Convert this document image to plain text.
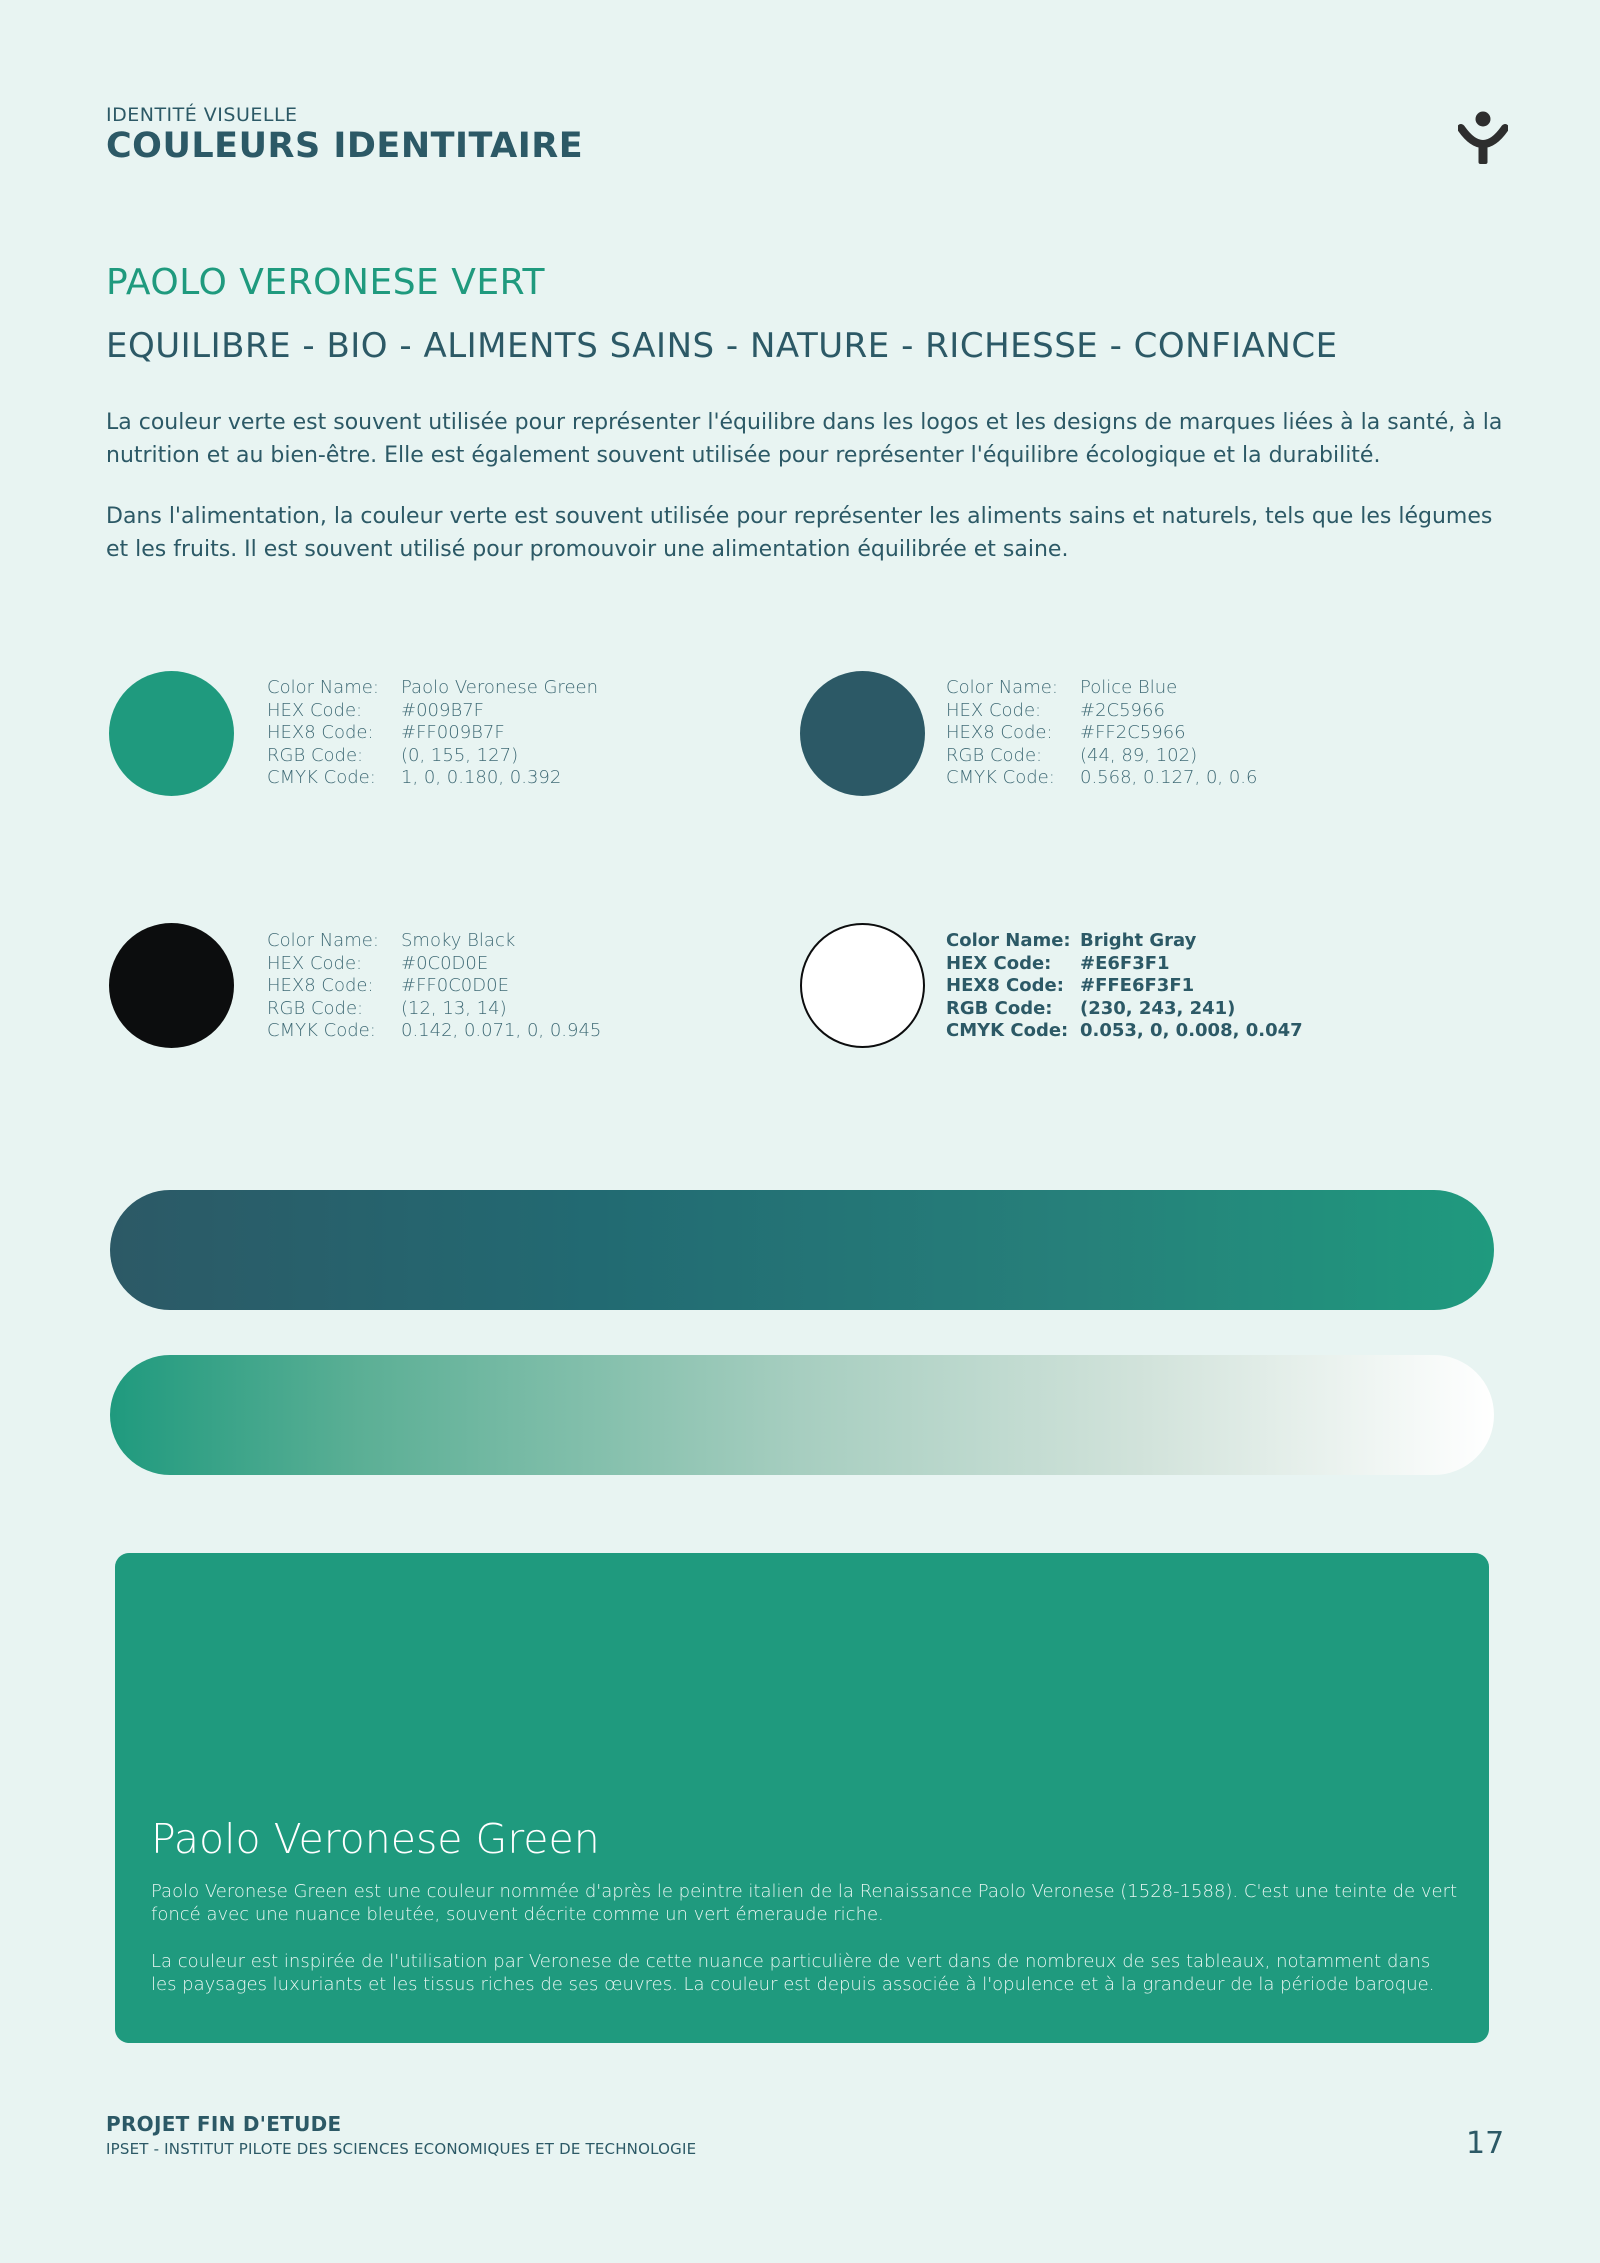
IDENTITÉ VISUELLE
COULEURS IDENTITAIRE
PAOLO VERONESE VERT
EQUILIBRE - BIO - ALIMENTS SAINS - NATURE - RICHESSE - CONFIANCE
La couleur verte est souvent utilisée pour représenter l'équilibre dans les logos et les designs de marques liées à la santé, à la nutrition et au bien-être. Elle est également souvent utilisée pour représenter l'équilibre écologique et la durabilité.
Dans l'alimentation, la couleur verte est souvent utilisée pour représenter les aliments sains et naturels, tels que les légumes et les fruits. Il est souvent utilisé pour promouvoir une alimentation équilibrée et saine.
Color Name:	Paolo Veronese Green
HEX Code:	#009B7F
HEX8 Code:	#FF009B7F
RGB Code:	(0, 155, 127)
CMYK Code:	1, 0, 0.180, 0.392
Color Name:	Police Blue
HEX Code:	#2C5966
HEX8 Code:	#FF2C5966
RGB Code:	(44, 89, 102)
CMYK Code:	0.568, 0.127, 0, 0.6
Color Name:	Smoky Black
HEX Code:	#0C0D0E
HEX8 Code:	#FF0C0D0E
RGB Code:	(12, 13, 14)
CMYK Code:	0.142, 0.071, 0, 0.945
Color Name: Bright Gray
HEX Code:	#E6F3F1
HEX8 Code: #FFE6F3F1
RGB Code:	(230, 243, 241)
CMYK Code: 0.053, 0, 0.008, 0.047
Paolo Veronese Green
Paolo Veronese Green est une couleur nommée d'après le peintre italien de la Renaissance Paolo Veronese (1528-1588). C'est une teinte de vert foncé avec une nuance bleutée, souvent décrite comme un vert émeraude riche.
La couleur est inspirée de l'utilisation par Veronese de cette nuance particulière de vert dans de nombreux de ses tableaux, notamment dans les paysages luxuriants et les tissus riches de ses œuvres. La couleur est depuis associée à l'opulence et à la grandeur de la période baroque.
PROJET FIN D'ETUDE
IPSET - INSTITUT PILOTE DES SCIENCES ECONOMIQUES ET DE TECHNOLOGIE	17
